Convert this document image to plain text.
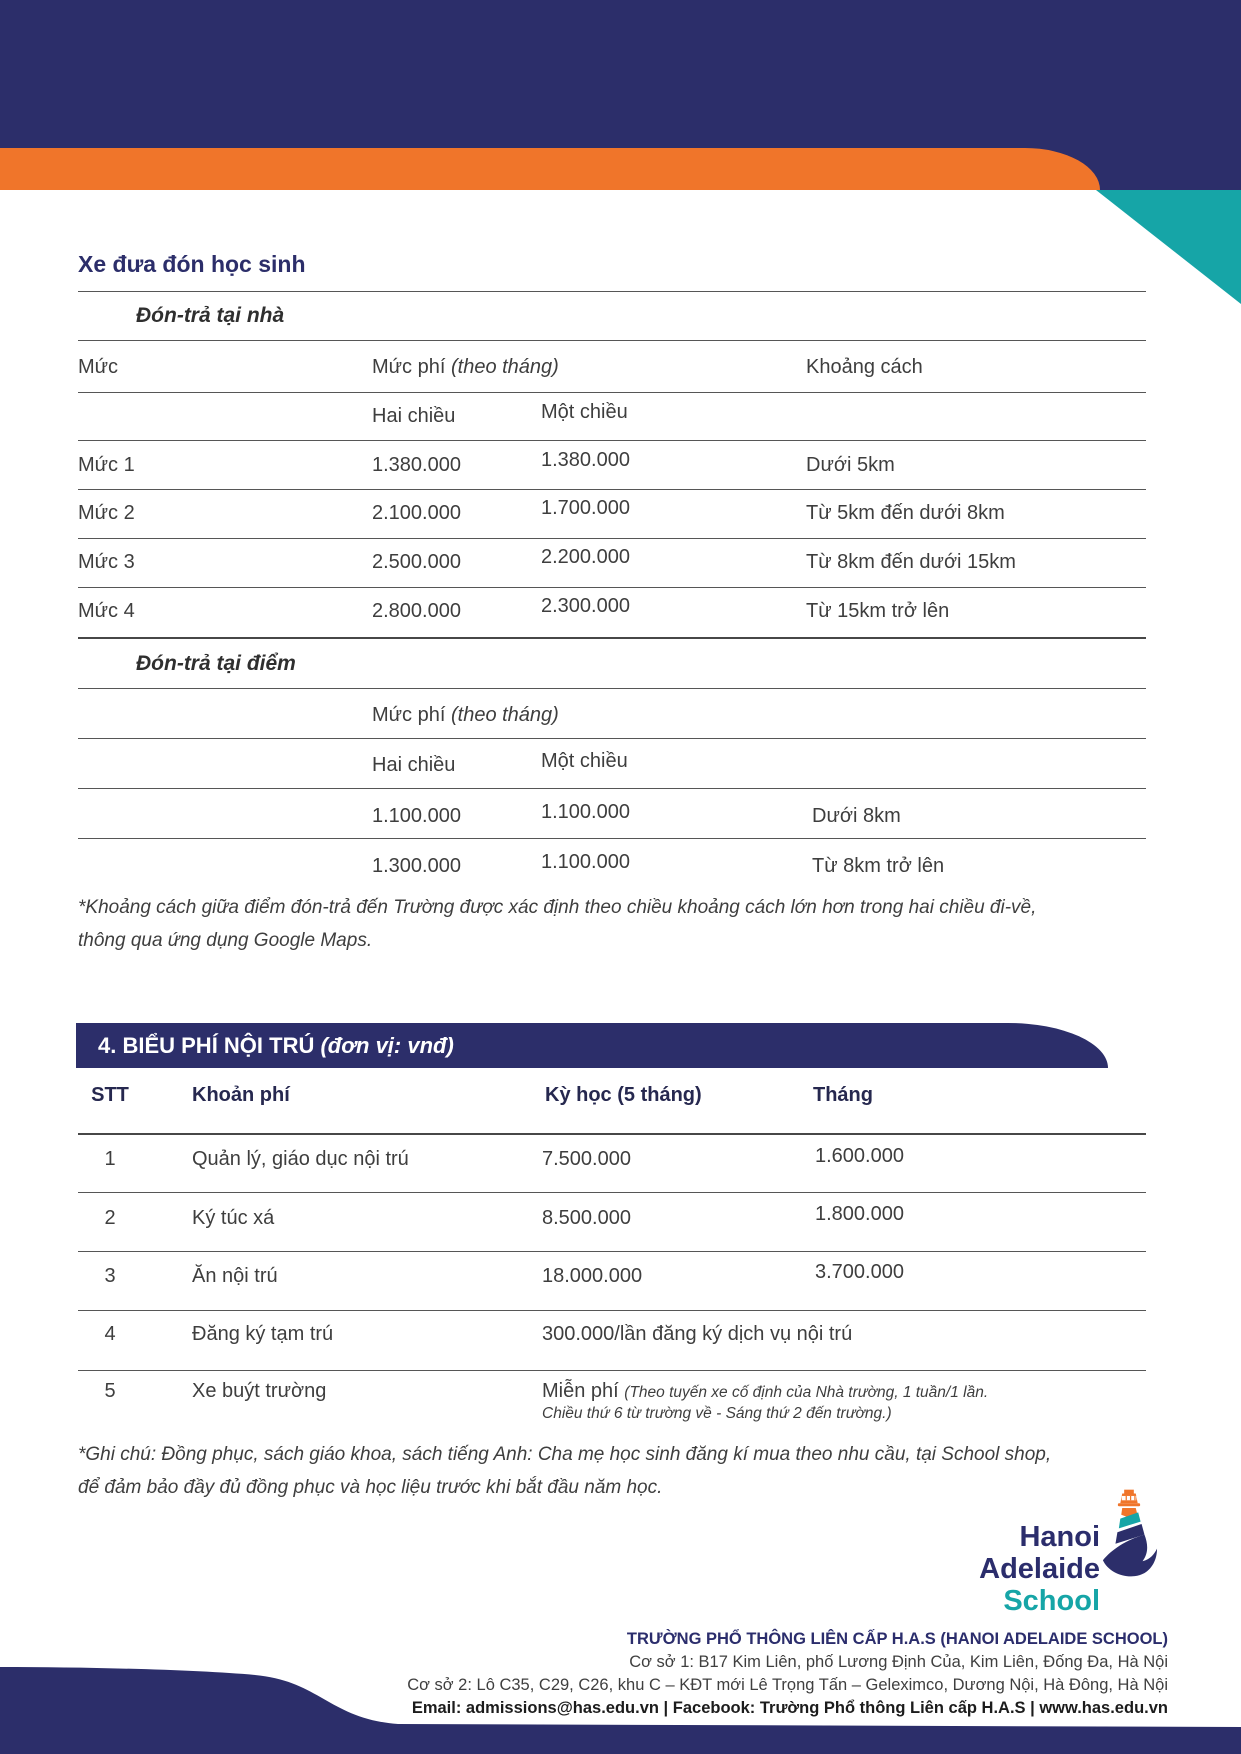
Xe đưa đón học sinh
Đón-trả tại nhà
Mức	Mức phí (theo tháng)	Khoảng cách
Hai chiều	Một chiều
Mức 1	1.380.000	1.380.000	Dưới 5km
Mức 2	2.100.000	1.700.000	Từ 5km đến dưới 8km
Mức 3	2.500.000	2.200.000	Từ 8km đến dưới 15km
Mức 4	2.800.000	2.300.000	Từ 15km trở lên
Đón-trả tại điểm
Mức phí (theo tháng)
Hai chiều	Một chiều
1.100.000	1.100.000	Dưới 8km
1.300.000	1.100.000	Từ 8km trở lên
*Khoảng cách giữa điểm đón-trả đến Trường được xác định theo chiều khoảng cách lớn hơn trong hai chiều đi-về,
thông qua ứng dụng Google Maps.
4. BIỂU PHÍ NỘI TRÚ (đơn vị: vnđ)
STT	Khoản phí	Kỳ học (5 tháng)	Tháng
1	Quản lý, giáo dục nội trú	7.500.000	1.600.000
2	Ký túc xá	8.500.000	1.800.000
3	Ăn nội trú	18.000.000	3.700.000
4	Đăng ký tạm trú	300.000/lần đăng ký dịch vụ nội trú
5	Xe buýt trường	Miễn phí (Theo tuyến xe cố định của Nhà trường, 1 tuần/1 lần.
Chiều thứ 6 từ trường về - Sáng thứ 2 đến trường.)
*Ghi chú: Đồng phục, sách giáo khoa, sách tiếng Anh: Cha mẹ học sinh đăng kí mua theo nhu cầu, tại School shop,
để đảm bảo đầy đủ đồng phục và học liệu trước khi bắt đầu năm học.
Hanoi
Adelaide
School
TRƯỜNG PHỔ THÔNG LIÊN CẤP H.A.S (HANOI ADELAIDE SCHOOL)
Cơ sở 1: B17 Kim Liên, phố Lương Định Của, Kim Liên, Đống Đa, Hà Nội
Cơ sở 2: Lô C35, C29, C26, khu C – KĐT mới Lê Trọng Tấn – Geleximco, Dương Nội, Hà Đông, Hà Nội
Email: admissions@has.edu.vn | Facebook: Trường Phổ thông Liên cấp H.A.S | www.has.edu.vn
